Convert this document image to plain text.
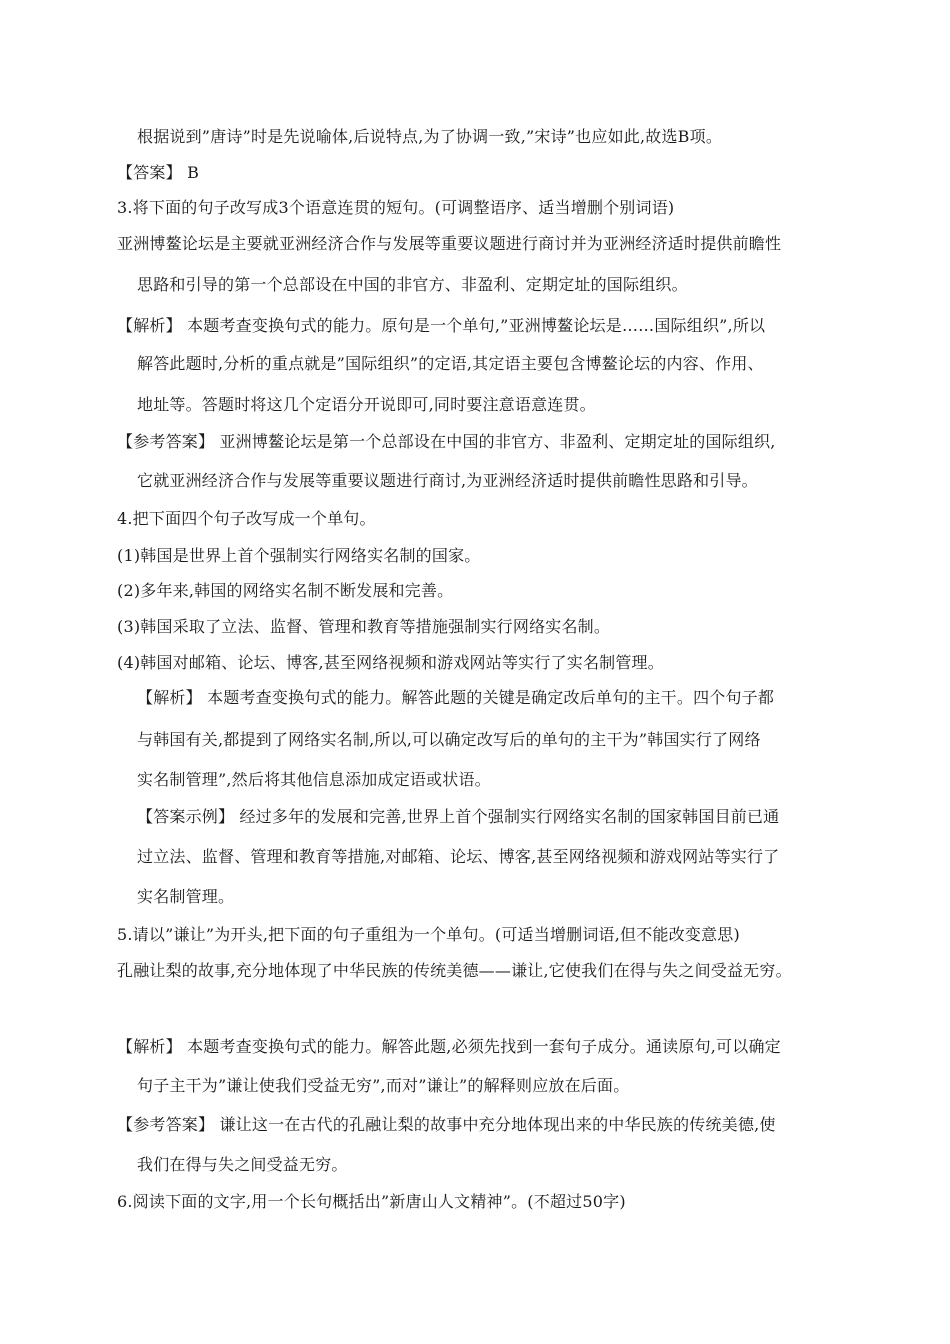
根据说到”唐诗”时是先说喻体,后说特点,为了协调一致,”宋诗”也应如此,故选B项。
【答案】 B
3.将下面的句子改写成3个语意连贯的短句。(可调整语序、适当增删个别词语)
亚洲博鳌论坛是主要就亚洲经济合作与发展等重要议题进行商讨并为亚洲经济适时提供前瞻性
思路和引导的第一个总部设在中国的非官方、非盈利、定期定址的国际组织。
【解析】 本题考查变换句式的能力。原句是一个单句,”亚洲博鳌论坛是……国际组织”,所以
解答此题时,分析的重点就是”国际组织”的定语,其定语主要包含博鳌论坛的内容、作用、
地址等。答题时将这几个定语分开说即可,同时要注意语意连贯。
【参考答案】 亚洲博鳌论坛是第一个总部设在中国的非官方、非盈利、定期定址的国际组织,
它就亚洲经济合作与发展等重要议题进行商讨,为亚洲经济适时提供前瞻性思路和引导。
4.把下面四个句子改写成一个单句。
(1)韩国是世界上首个强制实行网络实名制的国家。
(2)多年来,韩国的网络实名制不断发展和完善。
(3)韩国采取了立法、监督、管理和教育等措施强制实行网络实名制。
(4)韩国对邮箱、论坛、博客,甚至网络视频和游戏网站等实行了实名制管理。
【解析】 本题考查变换句式的能力。解答此题的关键是确定改后单句的主干。四个句子都
与韩国有关,都提到了网络实名制,所以,可以确定改写后的单句的主干为”韩国实行了网络
实名制管理”,然后将其他信息添加成定语或状语。
【答案示例】 经过多年的发展和完善,世界上首个强制实行网络实名制的国家韩国目前已通
过立法、监督、管理和教育等措施,对邮箱、论坛、博客,甚至网络视频和游戏网站等实行了
实名制管理。
5.请以”谦让”为开头,把下面的句子重组为一个单句。(可适当增删词语,但不能改变意思)
孔融让梨的故事,充分地体现了中华民族的传统美德——谦让,它使我们在得与失之间受益无穷。
【解析】 本题考查变换句式的能力。解答此题,必须先找到一套句子成分。通读原句,可以确定
句子主干为”谦让使我们受益无穷”,而对”谦让”的解释则应放在后面。
【参考答案】 谦让这一在古代的孔融让梨的故事中充分地体现出来的中华民族的传统美德,使
我们在得与失之间受益无穷。
6.阅读下面的文字,用一个长句概括出”新唐山人文精神”。(不超过50字)
